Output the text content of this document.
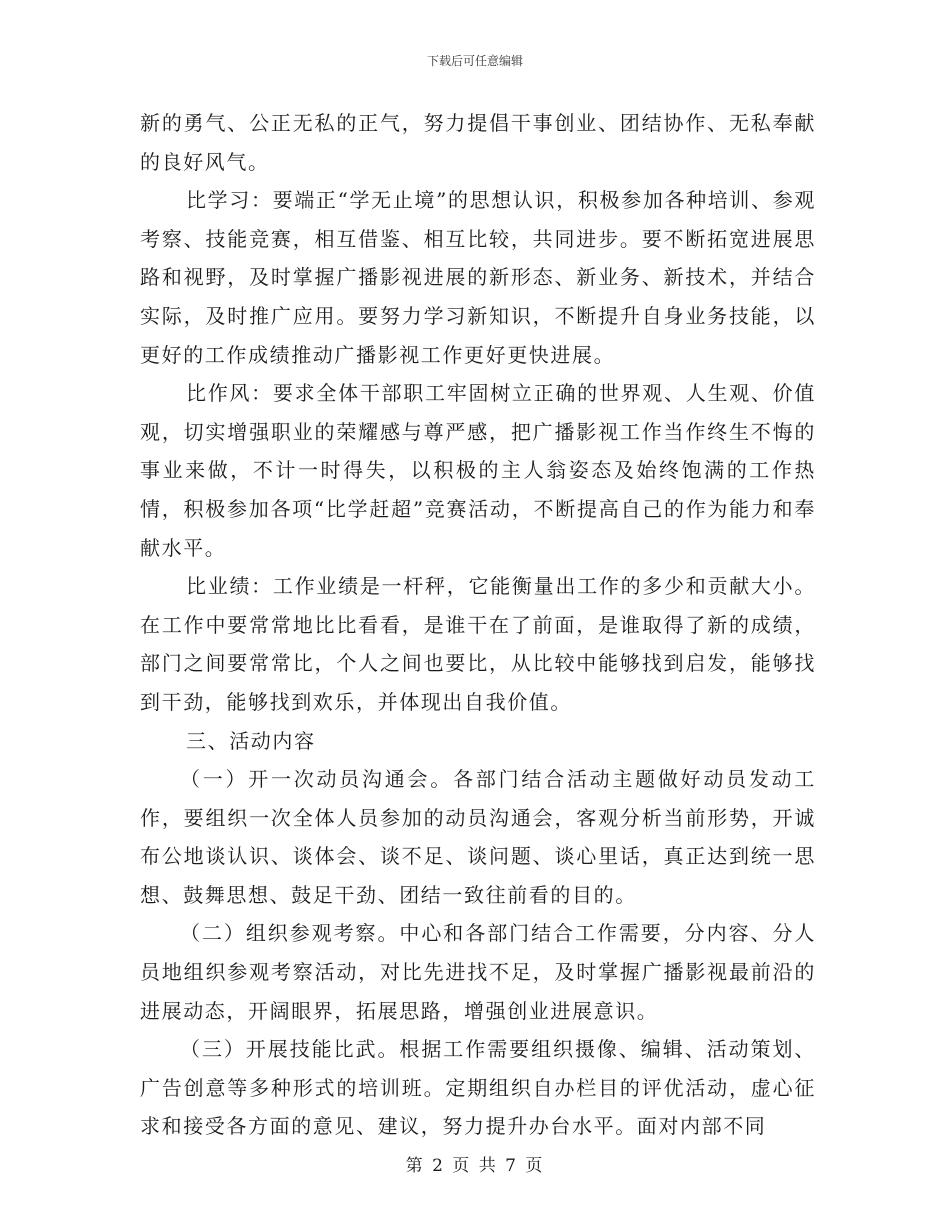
下载后可任意编辑

新的勇气、公正无私的正气，努力提倡干事创业、团结协作、无私奉献的良好风气。

比学习：要端正“学无止境”的思想认识，积极参加各种培训、参观考察、技能竞赛，相互借鉴、相互比较，共同进步。要不断拓宽进展思路和视野，及时掌握广播影视进展的新形态、新业务、新技术，并结合实际，及时推广应用。要努力学习新知识，不断提升自身业务技能，以更好的工作成绩推动广播影视工作更好更快进展。

比作风：要求全体干部职工牢固树立正确的世界观、人生观、价值观，切实增强职业的荣耀感与尊严感，把广播影视工作当作终生不悔的事业来做，不计一时得失，以积极的主人翁姿态及始终饱满的工作热情，积极参加各项“比学赶超”竞赛活动，不断提高自己的作为能力和奉献水平。

比业绩：工作业绩是一杆秤，它能衡量出工作的多少和贡献大小。在工作中要常常地比比看看，是谁干在了前面，是谁取得了新的成绩，部门之间要常常比，个人之间也要比，从比较中能够找到启发，能够找到干劲，能够找到欢乐，并体现出自我价值。

三、活动内容

（一）开一次动员沟通会。各部门结合活动主题做好动员发动工作，要组织一次全体人员参加的动员沟通会，客观分析当前形势，开诚布公地谈认识、谈体会、谈不足、谈问题、谈心里话，真正达到统一思想、鼓舞思想、鼓足干劲、团结一致往前看的目的。

（二）组织参观考察。中心和各部门结合工作需要，分内容、分人员地组织参观考察活动，对比先进找不足，及时掌握广播影视最前沿的进展动态，开阔眼界，拓展思路，增强创业进展意识。

（三）开展技能比武。根据工作需要组织摄像、编辑、活动策划、广告创意等多种形式的培训班。定期组织自办栏目的评优活动，虚心征求和接受各方面的意见、建议，努力提升办台水平。面对内部不同

第 2 页 共 7 页
